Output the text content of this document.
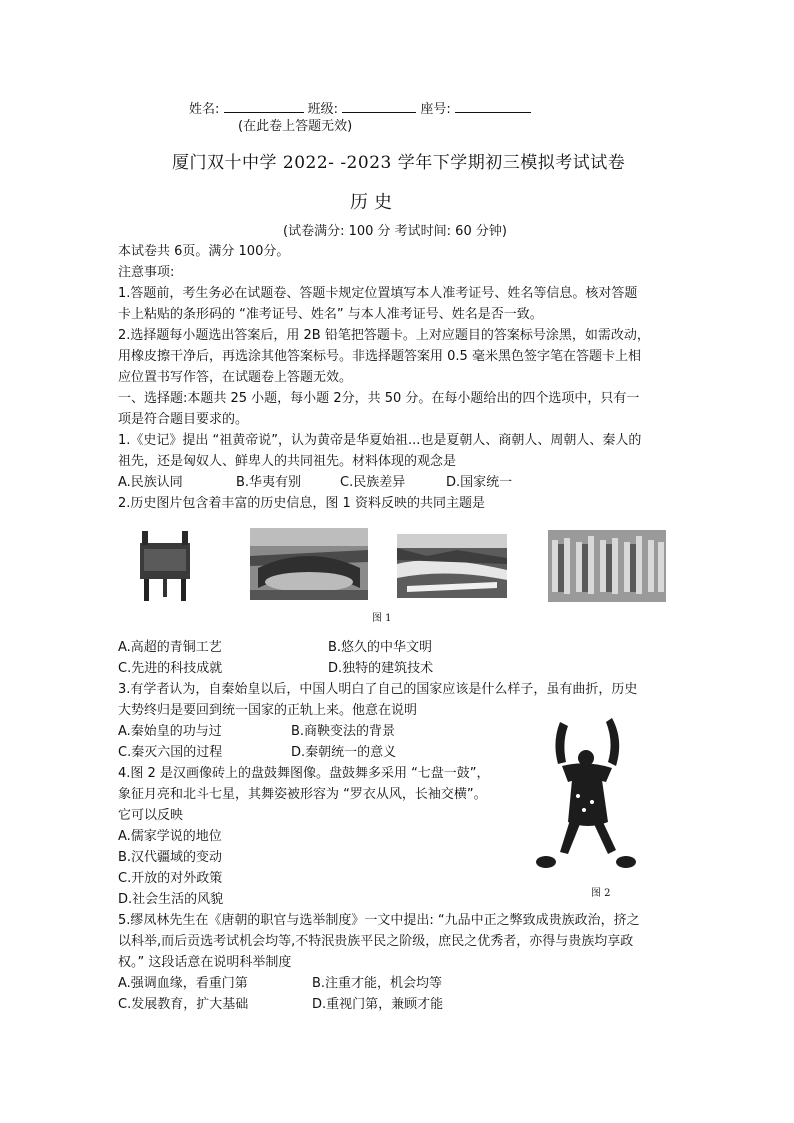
姓名:	班级:	座号:
(在此卷上答题无效)
厦门双十中学 2022- -2023 学年下学期初三模拟考试试卷
历史
(试卷满分: 100 分 考试时间: 60 分钟)
本试卷共 6页。满分 100分。
注意事项:
1.答题前，考生务必在试题卷、答题卡规定位置填写本人准考证号、姓名等信息。核对答题
卡上粘贴的条形码的 “准考证号、姓名” 与本人准考证号、姓名是否一致。
2.选择题每小题选出答案后，用 2B 铅笔把答题卡。上对应题目的答案标号涂黑，如需改动，
用橡皮擦干净后，再选涂其他答案标号。非选择题答案用 0.5 毫米黑色签字笔在答题卡上相
应位置书写作答，在试题卷上答题无效。
一、选择题:本题共 25 小题，每小题 2分，共 50 分。在每小题给出的四个选项中，只有一
项是符合题目要求的。
1.《史记》提出 “祖黄帝说”，认为黄帝是华夏始祖...也是夏朝人、商朝人、周朝人、秦人的
祖先，还是匈奴人、鲜卑人的共同祖先。材料体现的观念是
A.民族认同	B.华夷有别	C.民族差异	D.国家统一
2.历史图片包含着丰富的历史信息，图 1 资料反映的共同主题是
图 1
A.高超的青铜工艺	B.悠久的中华文明
C.先进的科技成就	D.独特的建筑技术
3.有学者认为，自秦始皇以后，中国人明白了自己的国家应该是什么样子，虽有曲折，历史
大势终归是要回到统一国家的正轨上来。他意在说明
A.秦始皇的功与过	B.商鞅变法的背景
C.秦灭六国的过程	D.秦朝统一的意义
4.图 2 是汉画像砖上的盘鼓舞图像。盘鼓舞多采用 “七盘一鼓”，
象征月亮和北斗七星，其舞姿被形容为 “罗衣从风，长袖交横”。
它可以反映
A.儒家学说的地位
B.汉代疆域的变动
C.开放的对外政策
D.社会生活的风貌	图 2
5.缪凤林先生在《唐朝的职官与选举制度》一文中提出: “九品中正之弊致成贵族政治，挤之
以科举,而后贡选考试机会均等,不特泯贵族平民之阶级，庶民之优秀者，亦得与贵族均享政
权。” 这段话意在说明科举制度
A.强调血缘，看重门第	B.注重才能，机会均等
C.发展教育，扩大基础	D.重视门第，兼顾才能
